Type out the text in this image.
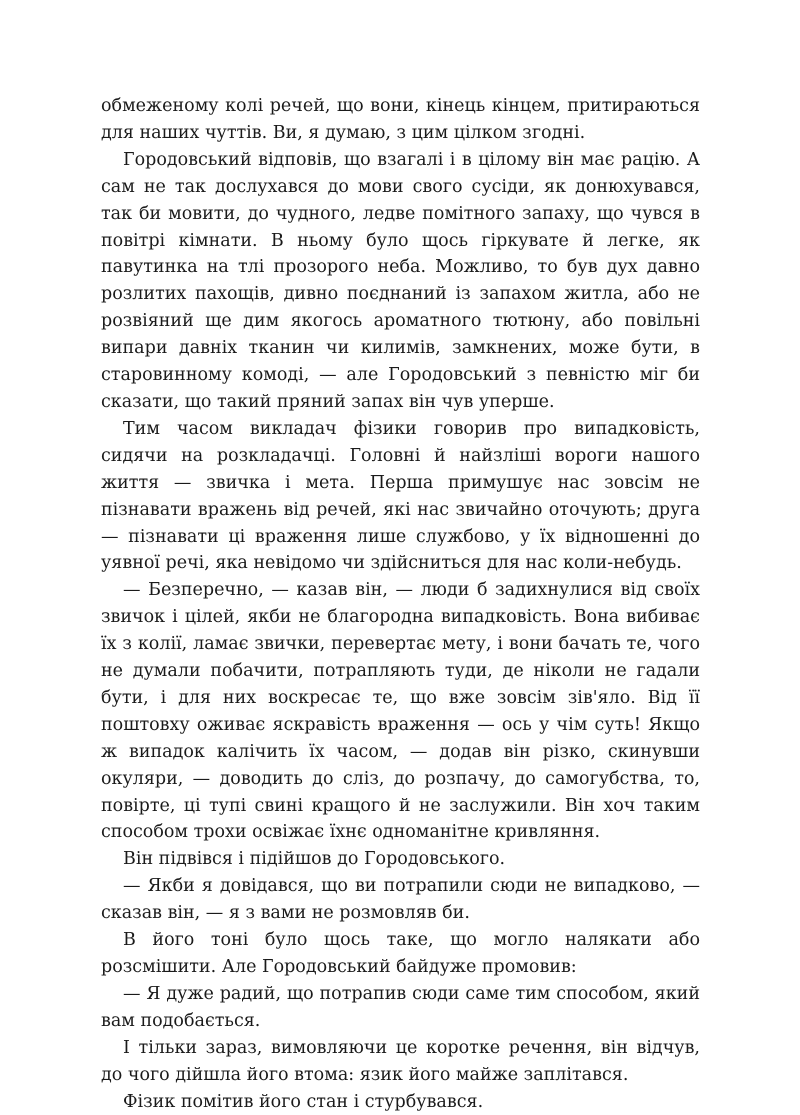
обмеженому колі речей, що вони, кінець кінцем, притираються для наших чуттів. Ви, я думаю, з цим цілком згодні.

Городовський відповів, що взагалі і в цілому він має рацію. А сам не так дослухався до мови свого сусіди, як донюхувався, так би мовити, до чудного, ледве помітного запаху, що чувся в повітрі кімнати. В ньому було щось гіркувате й легке, як павутинка на тлі прозорого неба. Можливо, то був дух давно розлитих пахощів, дивно поєднаний із запахом житла, або не розвіяний ще дим якогось ароматного тютюну, або повільні випари давніх тканин чи килимів, замкнених, може бути, в старовинному комоді, — але Городовський з певністю міг би сказати, що такий пряний запах він чув уперше.

Тим часом викладач фізики говорив про випадковість, сидячи на розкладачці. Головні й найзліші вороги нашого життя — звичка і мета. Перша примушує нас зовсім не пізнавати вражень від речей, які нас звичайно оточують; друга — пізнавати ці враження лише службово, у їх відношенні до уявної речі, яка невідомо чи здійсниться для нас коли-небудь.

— Безперечно, — казав він, — люди б задихнулися від своїх звичок і цілей, якби не благородна випадковість. Вона вибиває їх з колії, ламає звички, перевертає мету, і вони бачать те, чого не думали побачити, потрапляють туди, де ніколи не гадали бути, і для них воскресає те, що вже зовсім зів'яло. Від її поштовху оживає яскравість враження — ось у чім суть! Якщо ж випадок калічить їх часом, — додав він різко, скинувши окуляри, — доводить до сліз, до розпачу, до самогубства, то, повірте, ці тупі свині кращого й не заслужили. Він хоч таким способом трохи освіжає їхнє одноманітне кривляння.

Він підвівся і підійшов до Городовського.

— Якби я довідався, що ви потрапили сюди не випадково, — сказав він, — я з вами не розмовляв би.

В його тоні було щось таке, що могло налякати або розсмішити. Але Городовський байдуже промовив:

— Я дуже радий, що потрапив сюди саме тим способом, який вам подобається.

І тільки зараз, вимовляючи це коротке речення, він відчув, до чого дійшла його втома: язик його майже заплітався.

Фізик помітив його стан і стурбувався.
